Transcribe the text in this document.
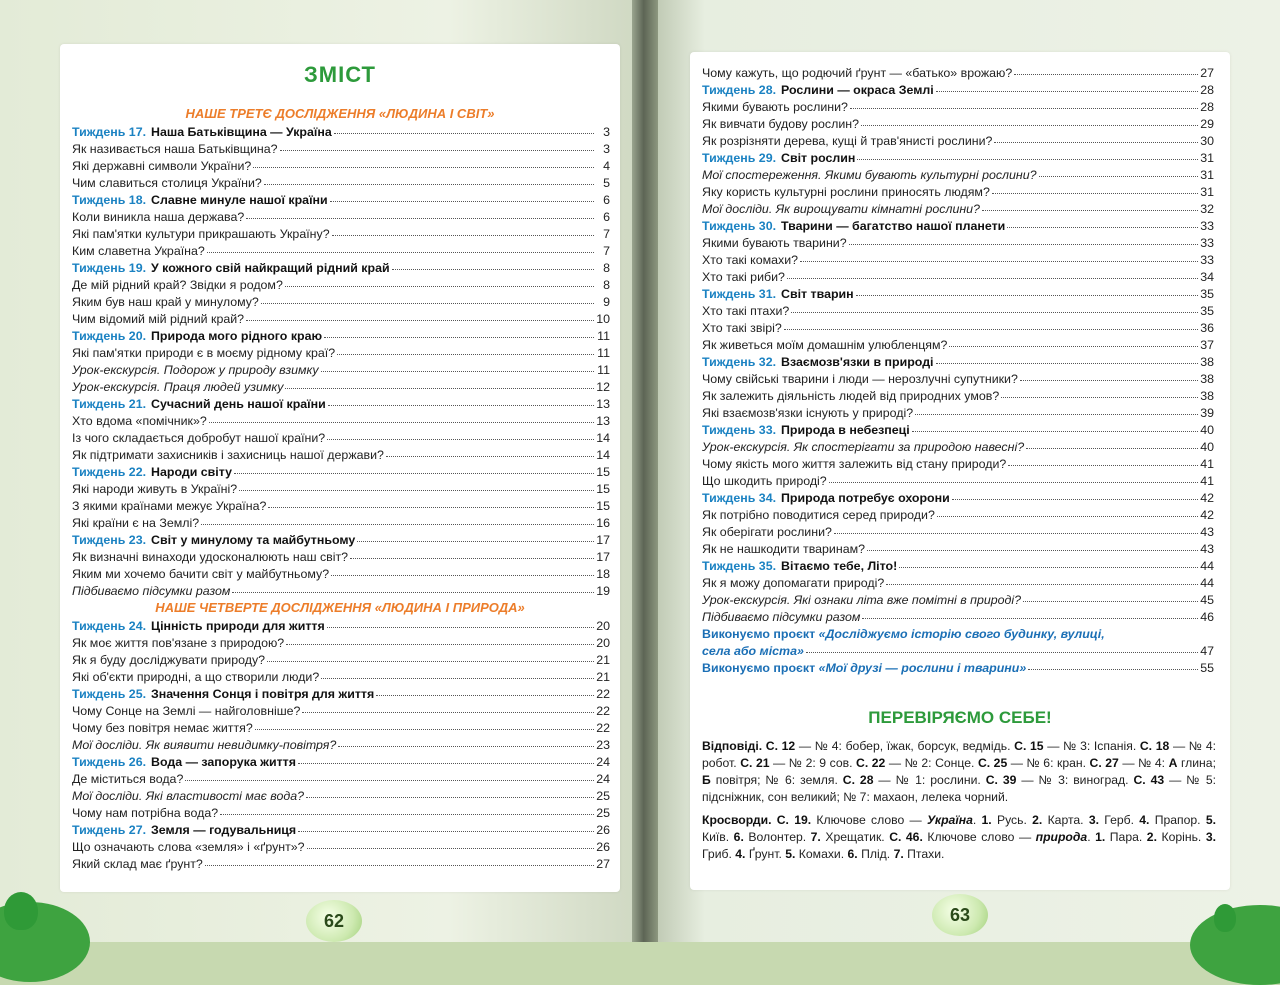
ЗМІСТ
НАШЕ ТРЕТЄ ДОСЛІДЖЕННЯ «ЛЮДИНА І СВІТ»
Тиждень 17. Наша Батьківщина — Україна	3
Як називається наша Батьківщина?	3
Які державні символи України?	4
Чим славиться столиця України?	5
Тиждень 18. Славне минуле нашої країни	6
Коли виникла наша держава?	6
Які пам'ятки культури прикрашають Україну?	7
Ким славетна Україна?	7
Тиждень 19. У кожного свій найкращий рідний край	8
Де мій рідний край? Звідки я родом?	8
Яким був наш край у минулому?	9
Чим відомий мій рідний край?	10
Тиждень 20. Природа мого рідного краю	11
Які пам'ятки природи є в моєму рідному краї?	11
Урок-екскурсія. Подорож у природу взимку	11
Урок-екскурсія. Праця людей узимку	12
Тиждень 21. Сучасний день нашої країни	13
Хто вдома «помічник»?	13
Із чого складається добробут нашої країни?	14
Як підтримати захисників і захисниць нашої держави?	14
Тиждень 22. Народи світу	15
Які народи живуть в Україні?	15
З якими країнами межує Україна?	15
Які країни є на Землі?	16
Тиждень 23. Світ у минулому та майбутньому	17
Як визначні винаходи удосконалюють наш світ?	17
Яким ми хочемо бачити світ у майбутньому?	18
Підбиваємо підсумки разом	19
НАШЕ ЧЕТВЕРТЕ ДОСЛІДЖЕННЯ «ЛЮДИНА І ПРИРОДА»
Тиждень 24. Цінність природи для життя	20
Як моє життя пов'язане з природою?	20
Як я буду досліджувати природу?	21
Які об'єкти природні, а що створили люди?	21
Тиждень 25. Значення Сонця і повітря для життя	22
Чому Сонце на Землі — найголовніше?	22
Чому без повітря немає життя?	22
Мої досліди. Як виявити невидимку-повітря?	23
Тиждень 26. Вода — запорука життя	24
Де міститься вода?	24
Мої досліди. Які властивості має вода?	25
Чому нам потрібна вода?	25
Тиждень 27. Земля — годувальниця	26
Що означають слова «земля» і «ґрунт»?	26
Який склад має ґрунт?	27
62
Чому кажуть, що родючий ґрунт — «батько» врожаю?	27
Тиждень 28. Рослини — окраса Землі	28
Якими бувають рослини?	28
Як вивчати будову рослин?	29
Як розрізняти дерева, кущі й трав'янисті рослини?	30
Тиждень 29. Світ рослин	31
Мої спостереження. Якими бувають культурні рослини?	31
Яку користь культурні рослини приносять людям?	31
Мої досліди. Як вирощувати кімнатні рослини?	32
Тиждень 30. Тварини — багатство нашої планети	33
Якими бувають тварини?	33
Хто такі комахи?	33
Хто такі риби?	34
Тиждень 31. Світ тварин	35
Хто такі птахи?	35
Хто такі звірі?	36
Як живеться моїм домашнім улюбленцям?	37
Тиждень 32. Взаємозв'язки в природі	38
Чому свійські тварини і люди — нерозлучні супутники?	38
Як залежить діяльність людей від природних умов?	38
Які взаємозв'язки існують у природі?	39
Тиждень 33. Природа в небезпеці	40
Урок-екскурсія. Як спостерігати за природою навесні?	40
Чому якість мого життя залежить від стану природи?	41
Що шкодить природі?	41
Тиждень 34. Природа потребує охорони	42
Як потрібно поводитися серед природи?	42
Як оберігати рослини?	43
Як не нашкодити тваринам?	43
Тиждень 35. Вітаємо тебе, Літо!	44
Як я можу допомагати природі?	44
Урок-екскурсія. Які ознаки літа вже помітні в природі?	45
Підбиваємо підсумки разом	46
Виконуємо проєкт «Досліджуємо історію свого будинку, вулиці,
села або міста»	47
Виконуємо проєкт «Мої друзі — рослини і тварини»	55
ПЕРЕВІРЯЄМО СЕБЕ!

Відповіді. С. 12 — № 4: бобер, їжак, борсук, ведмідь. С. 15 — № 3: Іспанія. С. 18 — № 4: робот. С. 21 — № 2: 9 сов. С. 22 — № 2: Сонце. С. 25 — № 6: кран. С. 27 — № 4: А глина; Б повітря; № 6: земля. С. 28 — № 1: рослини. С. 39 — № 3: виноград. С. 43 — № 5: підсніжник, сон великий; № 7: махаон, лелека чорний.

Кросворди. С. 19. Ключове слово — Україна. 1. Русь. 2. Карта. 3. Герб. 4. Прапор. 5. Київ. 6. Волонтер. 7. Хрещатик. С. 46. Ключове слово — природа. 1. Пара. 2. Корінь. 3. Гриб. 4. Ґрунт. 5. Комахи. 6. Плід. 7. Птахи.

63
